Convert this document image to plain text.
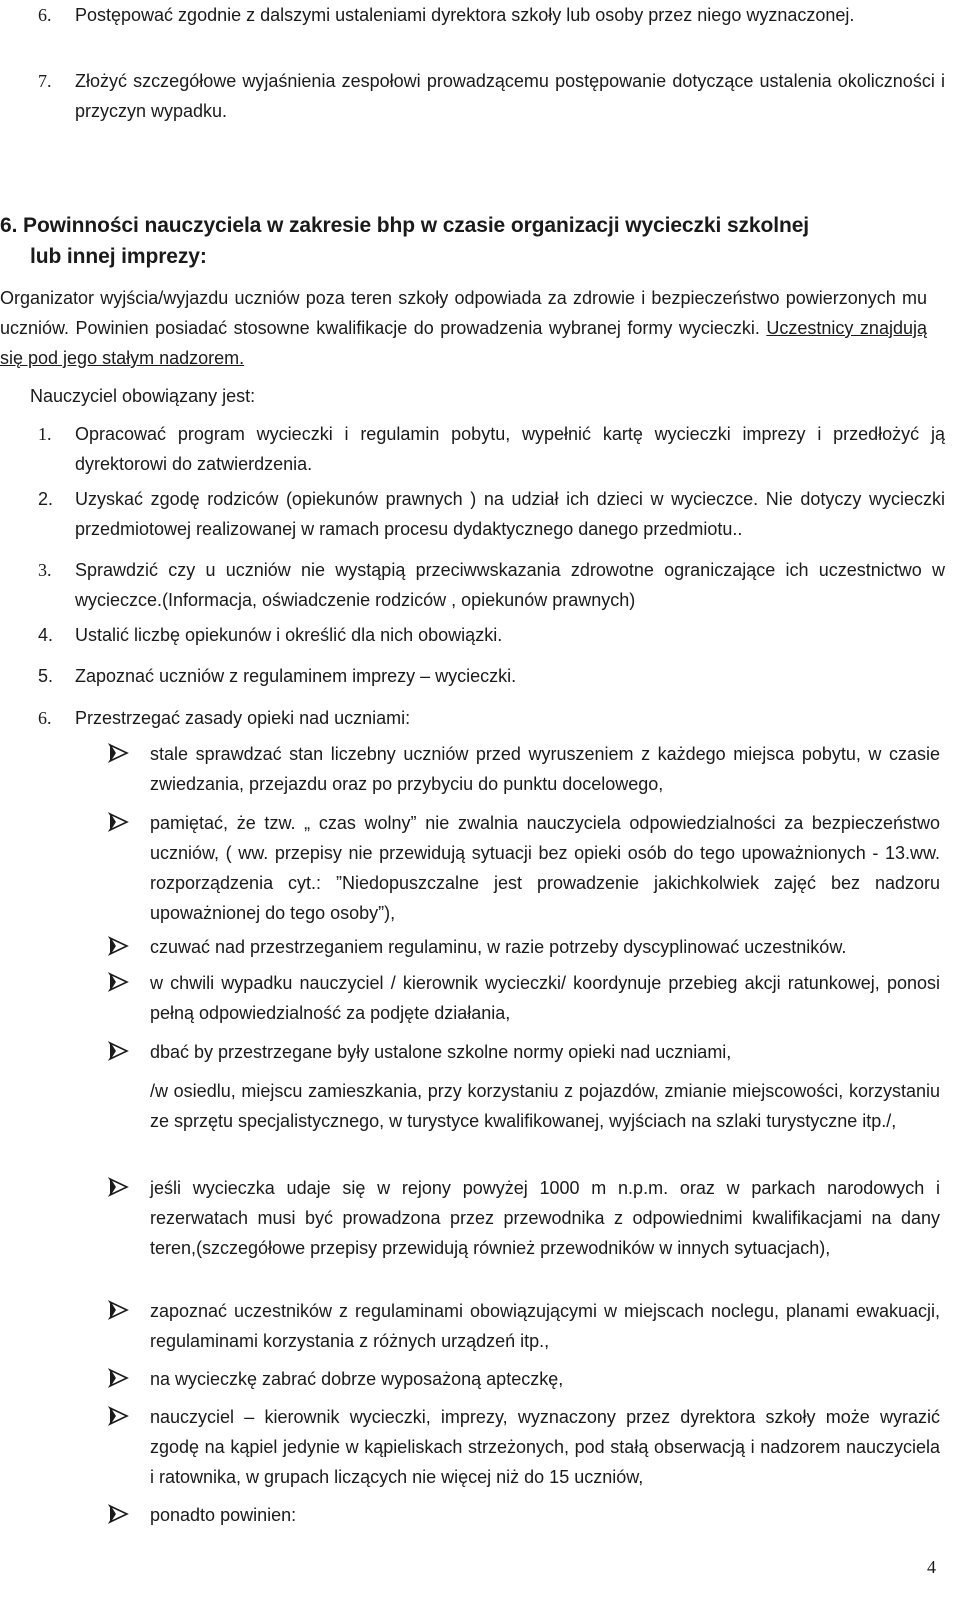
6. Postępować zgodnie z dalszymi ustaleniami dyrektora szkoły lub osoby przez niego wyznaczonej.
7. Złożyć szczegółowe wyjaśnienia zespołowi prowadzącemu postępowanie dotyczące ustalenia okoliczności i przyczyn wypadku.
6. Powinności nauczyciela w zakresie bhp w czasie organizacji wycieczki szkolnej
lub innej imprezy:
Organizator wyjścia/wyjazdu uczniów poza teren szkoły odpowiada za zdrowie i bezpieczeństwo powierzonych mu uczniów. Powinien posiadać stosowne kwalifikacje do prowadzenia wybranej formy wycieczki. Uczestnicy znajdują się pod jego stałym nadzorem.
Nauczyciel obowiązany jest:
1. Opracować program wycieczki i regulamin pobytu, wypełnić kartę wycieczki imprezy i przedłożyć ją dyrektorowi do zatwierdzenia.
2. Uzyskać zgodę rodziców (opiekunów prawnych ) na udział ich dzieci w wycieczce. Nie dotyczy wycieczki przedmiotowej realizowanej w ramach procesu dydaktycznego danego przedmiotu..
3. Sprawdzić czy u uczniów nie wystąpią przeciwwskazania zdrowotne ograniczające ich uczestnictwo w wycieczce.(Informacja, oświadczenie rodziców , opiekunów prawnych)
4. Ustalić liczbę opiekunów i określić dla nich obowiązki.
5. Zapoznać uczniów z regulaminem imprezy – wycieczki.
6. Przestrzegać zasady opieki nad uczniami:
stale sprawdzać stan liczebny uczniów przed wyruszeniem z każdego miejsca pobytu, w czasie zwiedzania, przejazdu oraz po przybyciu do punktu docelowego,
pamiętać, że tzw. „ czas wolny” nie zwalnia nauczyciela odpowiedzialności za bezpieczeństwo uczniów, ( ww. przepisy nie przewidują sytuacji bez opieki osób do tego upoważnionych - 13.ww. rozporządzenia cyt.: ”Niedopuszczalne jest prowadzenie jakichkolwiek zajęć bez nadzoru upoważnionej do tego osoby”),
czuwać nad przestrzeganiem regulaminu, w razie potrzeby dyscyplinować uczestników.
w chwili wypadku nauczyciel / kierownik wycieczki/ koordynuje przebieg akcji ratunkowej, ponosi pełną odpowiedzialność za podjęte działania,
dbać by przestrzegane były ustalone szkolne normy opieki nad uczniami,
/w osiedlu, miejscu zamieszkania, przy korzystaniu z pojazdów, zmianie miejscowości, korzystaniu ze sprzętu specjalistycznego, w turystyce kwalifikowanej, wyjściach na szlaki turystyczne itp./,
jeśli wycieczka udaje się w rejony powyżej 1000 m n.p.m. oraz w parkach narodowych i rezerwatach musi być prowadzona przez przewodnika z odpowiednimi kwalifikacjami na dany teren,(szczegółowe przepisy przewidują również przewodników w innych sytuacjach),
zapoznać uczestników z regulaminami obowiązującymi w miejscach noclegu, planami ewakuacji, regulaminami korzystania z różnych urządzeń itp.,
na wycieczkę zabrać dobrze wyposażoną apteczkę,
nauczyciel – kierownik wycieczki, imprezy, wyznaczony przez dyrektora szkoły może wyrazić zgodę na kąpiel jedynie w kąpieliskach strzeżonych, pod stałą obserwacją i nadzorem nauczyciela i ratownika, w grupach liczących nie więcej niż do 15 uczniów,
ponadto powinien:
4
